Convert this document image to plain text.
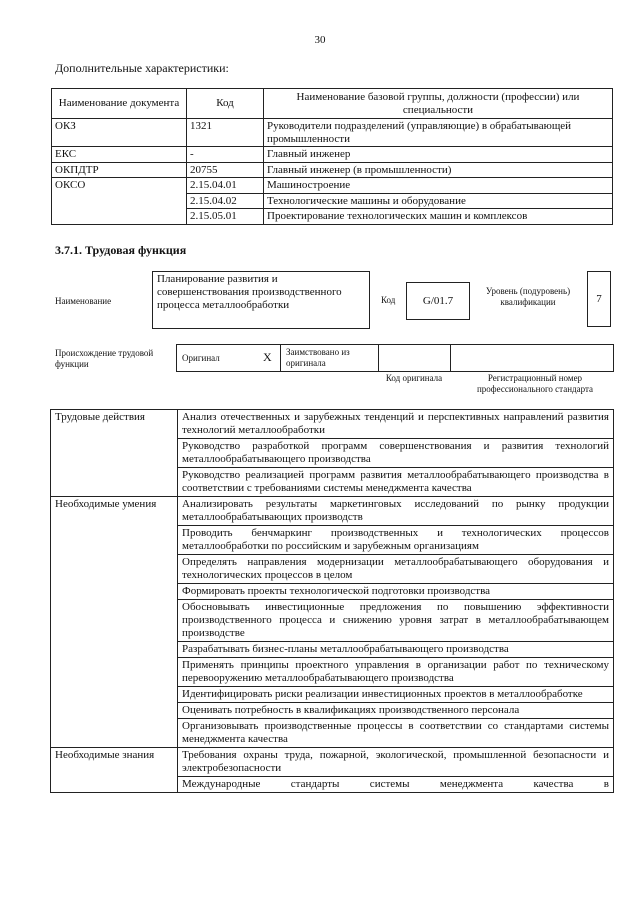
30
Дополнительные характеристики:
Наименование документа	Код	Наименование базовой группы, должности (профессии) или специальности
ОКЗ	1321	Руководители подразделений (управляющие) в обрабатывающей промышленности
ЕКС	-	Главный инженер
ОКПДТР	20755	Главный инженер (в промышленности)
ОКСО	2.15.04.01	Машиностроение
	2.15.04.02	Технологические машины и оборудование
	2.15.05.01	Проектирование технологических машин и комплексов
3.7.1. Трудовая функция
Наименование
Планирование развития и совершенствования производственного процесса металлообработки	Код	G/01.7
Уровень (подуровень) квалификации	7
Происхождение трудовой функции
Оригинал	X Заимствовано из оригинала
Код оригинала	Регистрационный номер профессионального стандарта
Трудовые действия	Анализ отечественных и зарубежных тенденций и перспективных направлений развития технологий металлообработки
	Руководство разработкой программ совершенствования и развития технологий металлообрабатывающего производства
	Руководство реализацией программ развития металлообрабатывающего производства в соответствии с требованиями системы менеджмента качества
Необходимые умения	Анализировать результаты маркетинговых исследований по рынку продукции металлообрабатывающих производств
	Проводить бенчмаркинг производственных и технологических процессов металлообработки по российским и зарубежным организациям
	Определять направления модернизации металлообрабатывающего оборудования и технологических процессов в целом
	Формировать проекты технологической подготовки производства
	Обосновывать инвестиционные предложения по повышению эффективности производственного процесса и снижению уровня затрат в металлообрабатывающем производстве
	Разрабатывать бизнес-планы металлообрабатывающего производства
	Применять принципы проектного управления в организации работ по техническому перевооружению металлообрабатывающего производства
	Идентифицировать риски реализации инвестиционных проектов в металлообработке
	Оценивать потребность в квалификациях производственного персонала
	Организовывать производственные процессы в соответствии со стандартами системы менеджмента качества
Необходимые знания	Требования охраны труда, пожарной, экологической, промышленной безопасности и электробезопасности
	Международные стандарты системы менеджмента качества в
